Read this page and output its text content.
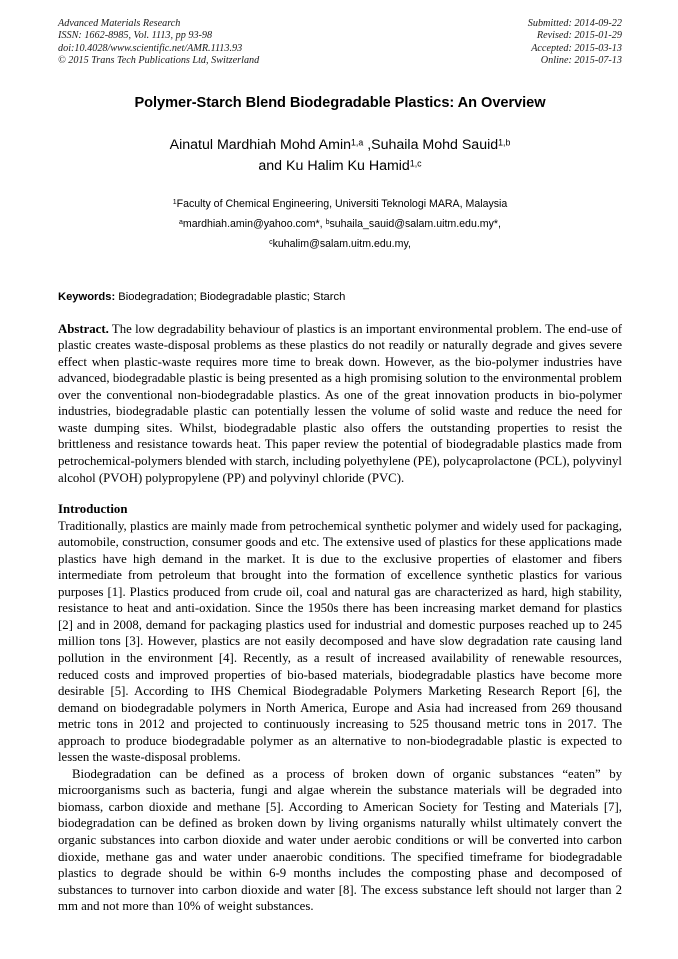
Advanced Materials Research
ISSN: 1662-8985, Vol. 1113, pp 93-98
doi:10.4028/www.scientific.net/AMR.1113.93
© 2015 Trans Tech Publications Ltd, Switzerland
Submitted: 2014-09-22
Revised: 2015-01-29
Accepted: 2015-03-13
Online: 2015-07-13
Polymer-Starch Blend Biodegradable Plastics: An Overview
Ainatul Mardhiah Mohd Amin$^{1,a}$ ,Suhaila Mohd Sauid$^{1,b}$
and Ku Halim Ku Hamid$^{1,c}$
$^1$Faculty of Chemical Engineering, Universiti Teknologi MARA, Malaysia
$^a$mardhiah.amin@yahoo.com*, $^b$suhaila_sauid@salam.uitm.edu.my*,
$^c$kuhalim@salam.uitm.edu.my,
Keywords: Biodegradation; Biodegradable plastic; Starch
Abstract. The low degradability behaviour of plastics is an important environmental problem. The end-use of plastic creates waste-disposal problems as these plastics do not readily or naturally degrade and gives severe effect when plastic-waste requires more time to break down. However, as the bio-polymer industries have advanced, biodegradable plastic is being presented as a high promising solution to the environmental problem over the conventional non-biodegradable plastics. As one of the great innovation products in bio-polymer industries, biodegradable plastic can potentially lessen the volume of solid waste and reduce the need for waste dumping sites. Whilst, biodegradable plastic also offers the outstanding properties to resist the brittleness and resistance towards heat. This paper review the potential of biodegradable plastics made from petrochemical-polymers blended with starch, including polyethylene (PE), polycaprolactone (PCL), polyvinyl alcohol (PVOH) polypropylene (PP) and polyvinyl chloride (PVC).
Introduction

Traditionally, plastics are mainly made from petrochemical synthetic polymer and widely used for packaging, automobile, construction, consumer goods and etc. The extensive used of plastics for these applications made plastics have high demand in the market. It is due to the exclusive properties of elastomer and fibers intermediate from petroleum that brought into the formation of excellence synthetic plastics for various purposes [1]. Plastics produced from crude oil, coal and natural gas are characterized as hard, high stability, resistance to heat and anti-oxidation. Since the 1950s there has been increasing market demand for plastics [2] and in 2008, demand for packaging plastics used for industrial and domestic purposes reached up to 245 million tons [3]. However, plastics are not easily decomposed and have slow degradation rate causing land pollution in the environment [4]. Recently, as a result of increased availability of renewable resources, reduced costs and improved properties of bio-based materials, biodegradable plastics have become more desirable [5]. According to IHS Chemical Biodegradable Polymers Marketing Research Report [6], the demand on biodegradable polymers in North America, Europe and Asia had increased from 269 thousand metric tons in 2012 and projected to continuously increasing to 525 thousand metric tons in 2017. The approach to produce biodegradable polymer as an alternative to non-biodegradable plastic is expected to lessen the waste-disposal problems.

Biodegradation can be defined as a process of broken down of organic substances “eaten” by microorganisms such as bacteria, fungi and algae wherein the substance materials will be degraded into biomass, carbon dioxide and methane [5]. According to American Society for Testing and Materials [7], biodegradation can be defined as broken down by living organisms naturally whilst ultimately convert the organic substances into carbon dioxide and water under aerobic conditions or will be converted into carbon dioxide, methane gas and water under anaerobic conditions. The specified timeframe for biodegradable plastics to degrade should be within 6-9 months includes the composting phase and decomposed of substances to turnover into carbon dioxide and water [8]. The excess substance left should not larger than 2 mm and not more than 10% of weight substances.
